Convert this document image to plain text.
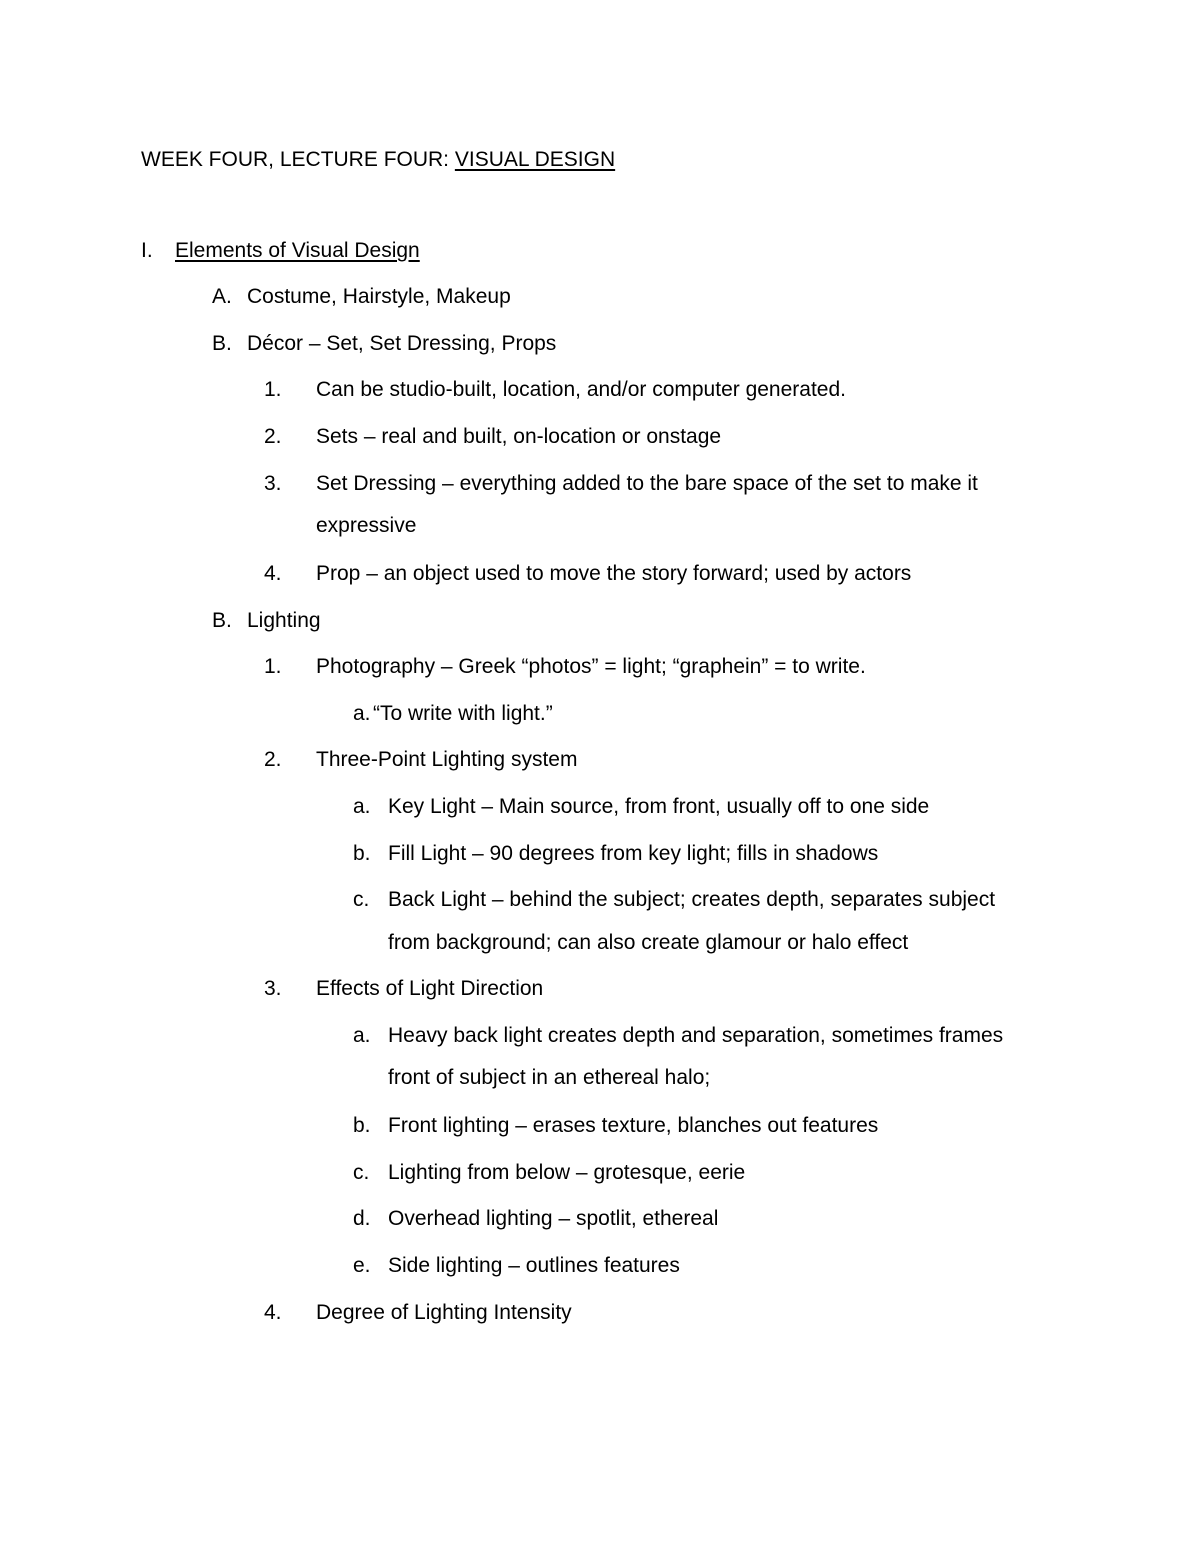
WEEK FOUR, LECTURE FOUR: VISUAL DESIGN
I. Elements of Visual Design
A. Costume, Hairstyle, Makeup
B. Décor – Set, Set Dressing, Props
1. Can be studio-built, location, and/or computer generated.
2. Sets – real and built, on-location or onstage
3. Set Dressing – everything added to the bare space of the set to make it
expressive
4. Prop – an object used to move the story forward; used by actors
B. Lighting
1. Photography – Greek “photos” = light; “graphein” = to write.
a. “To write with light.”
2. Three-Point Lighting system
a. Key Light – Main source, from front, usually off to one side
b. Fill Light – 90 degrees from key light; fills in shadows
c. Back Light – behind the subject; creates depth, separates subject
from background; can also create glamour or halo effect
3. Effects of Light Direction
a. Heavy back light creates depth and separation, sometimes frames
front of subject in an ethereal halo;
b. Front lighting – erases texture, blanches out features
c. Lighting from below – grotesque, eerie
d. Overhead lighting – spotlit, ethereal
e. Side lighting – outlines features
4. Degree of Lighting Intensity
